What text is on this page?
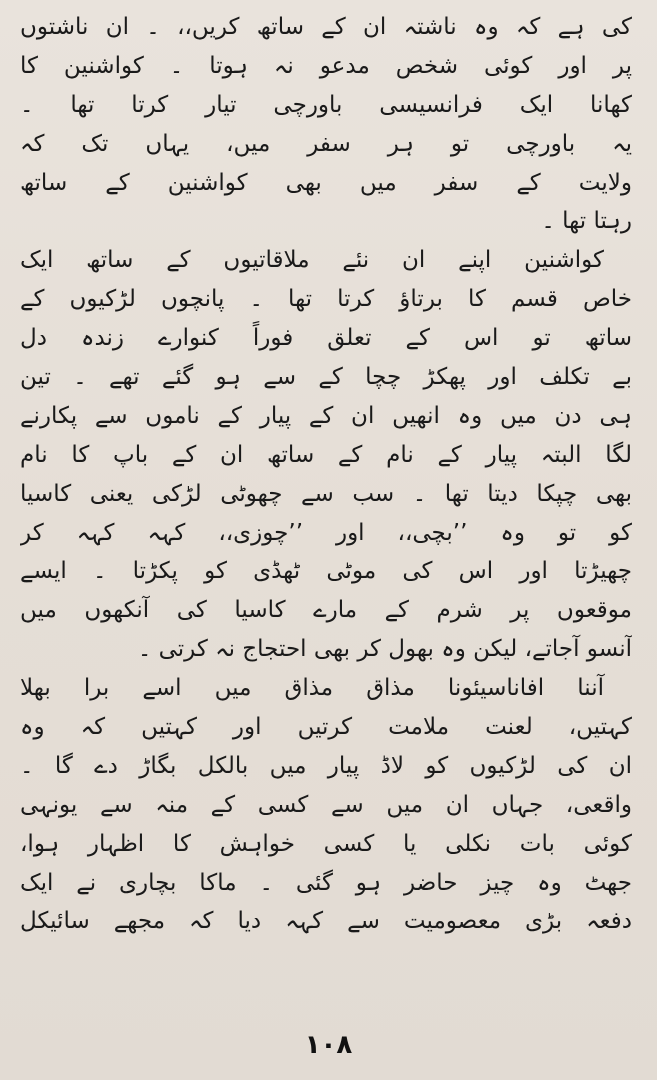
کی ہے کہ وہ ناشتہ ان کے ساتھ کریں،، ۔ ان ناشتوں
پر اور کوئی شخص مدعو نہ ہوتا ۔ کواشنین کا
کھانا ایک فرانسیسی باورچی تیار کرتا تھا ۔
یہ باورچی تو ہر سفر میں، یہاں تک کہ
ولایت کے سفر میں بھی کواشنین کے ساتھ
رہتا تھا ۔
کواشنین اپنے ان نئے ملاقاتیوں کے ساتھ ایک
خاص قسم کا برتاؤ کرتا تھا ۔ پانچوں لڑکیوں کے
ساتھ تو اس کے تعلق فوراً کنوارے زندہ دل
بے تکلف اور پھکڑ چچا کے سے ہو گئے تھے ۔ تین
ہی دن میں وہ انھیں ان کے پیار کے ناموں سے پکارنے
لگا البتہ پیار کے نام کے ساتھ ان کے باپ کا نام
بھی چپکا دیتا تھا ۔ سب سے چھوٹی لڑکی یعنی کاسیا
کو تو وہ ’’بچی،، اور ’’چوزی،، کہہ کہہ کر
چھیڑتا اور اس کی موٹی ٹھڈی کو پکڑتا ۔ ایسے
موقعوں پر شرم کے مارے کاسیا کی آنکھوں میں
آنسو آجاتے، لیکن وہ بھول کر بھی احتجاج نہ کرتی ۔
آننا افاناسیئونا مذاق مذاق میں اسے برا بھلا
کہتیں، لعنت ملامت کرتیں اور کہتیں کہ وہ
ان کی لڑکیوں کو لاڈ پیار میں بالکل بگاڑ دے گا ۔
واقعی، جہاں ان میں سے کسی کے منہ سے یونہی
کوئی بات نکلی یا کسی خواہش کا اظہار ہوا،
جھٹ وہ چیز حاضر ہو گئی ۔ ماکا بچاری نے ایک
دفعہ بڑی معصومیت سے کہہ دیا کہ مجھے سائیکل
۱۰۸
